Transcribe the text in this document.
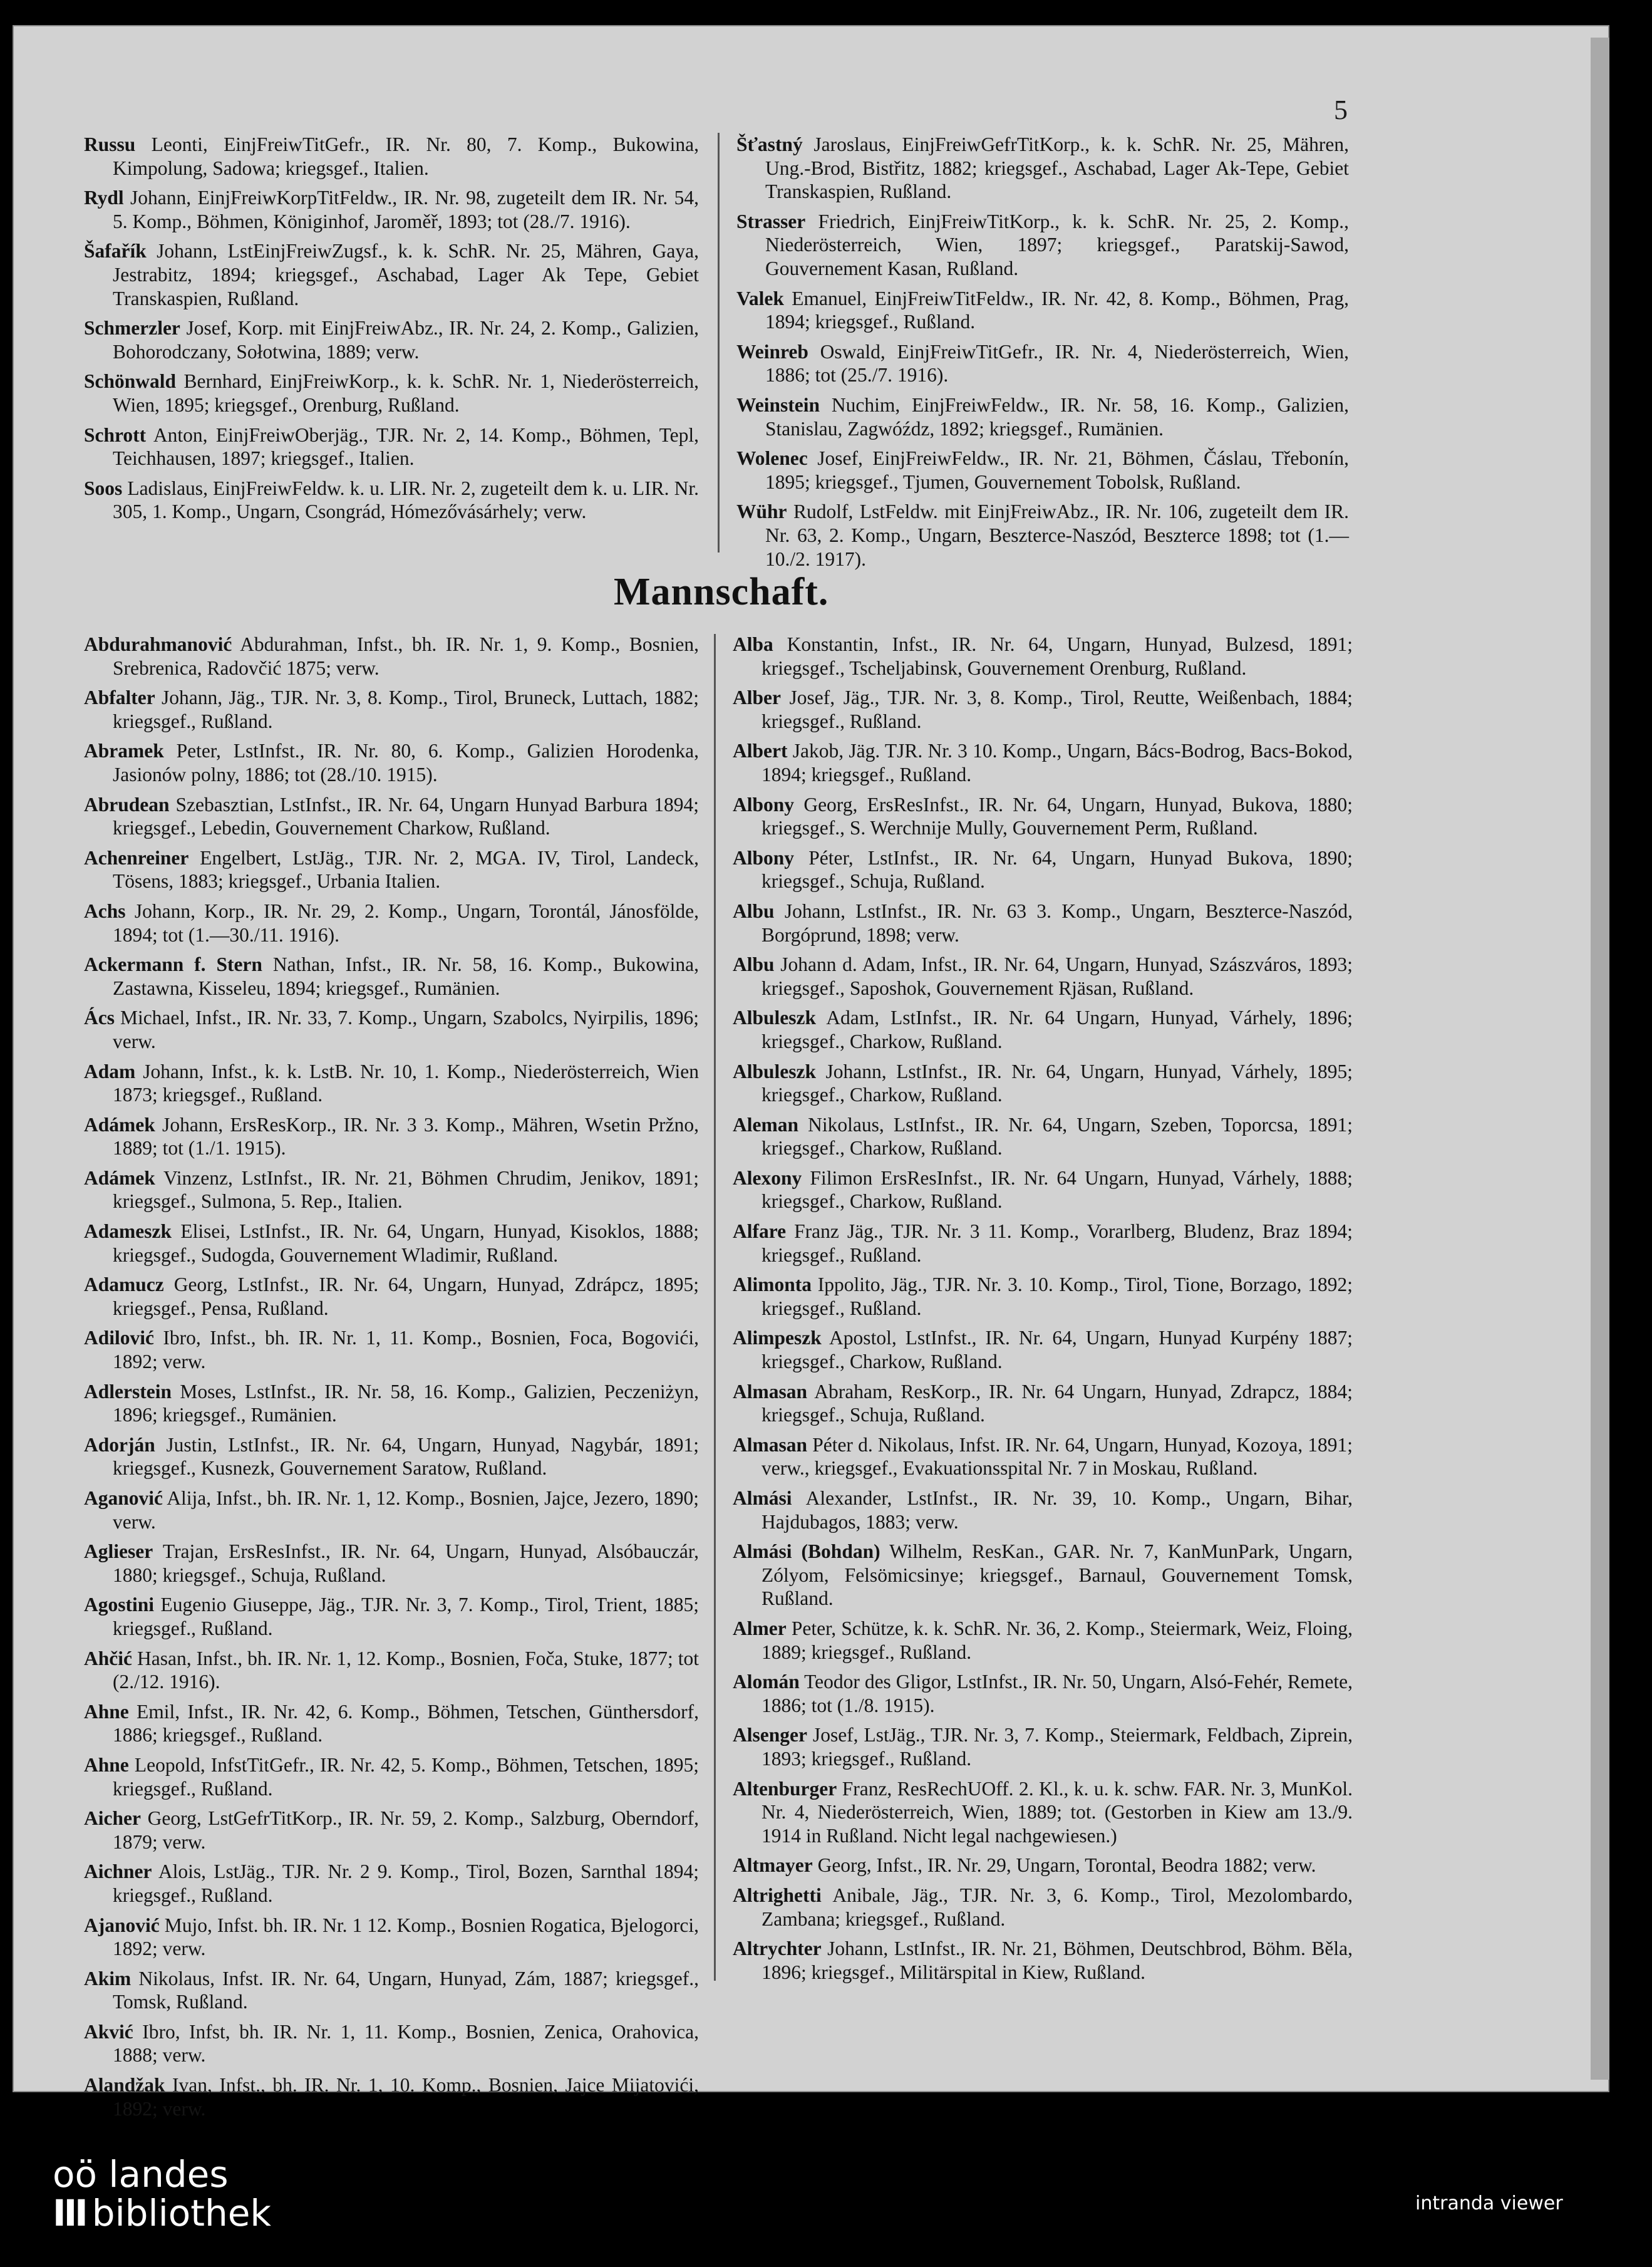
5

Russu Leonti, EinjFreiwTitGefr., IR. Nr. 80, 7. Komp., Bukowina, Kimpolung, Sadowa; kriegsgef., Italien.

Rydl Johann, EinjFreiwKorpTitFeldw., IR. Nr. 98, zugeteilt dem IR. Nr. 54, 5. Komp., Böhmen, Königinhof, Jaroměř, 1893; tot (28./7. 1916).

Šafařík Johann, LstEinjFreiwZugsf., k. k. SchR. Nr. 25, Mähren, Gaya, Jestrabitz, 1894; kriegsgef., Aschabad, Lager Ak Tepe, Gebiet Transkaspien, Rußland.

Schmerzler Josef, Korp. mit EinjFreiwAbz., IR. Nr. 24, 2. Komp., Galizien, Bohorodczany, Sołotwina, 1889; verw.

Schönwald Bernhard, EinjFreiwKorp., k. k. SchR. Nr. 1, Niederösterreich, Wien, 1895; kriegsgef., Orenburg, Rußland.

Schrott Anton, EinjFreiwOberjäg., TJR. Nr. 2, 14. Komp., Böhmen, Tepl, Teichhausen, 1897; kriegsgef., Italien.

Soos Ladislaus, EinjFreiwFeldw. k. u. LIR. Nr. 2, zugeteilt dem k. u. LIR. Nr. 305, 1. Komp., Ungarn, Csongrád, Hómezővásárhely; verw.

Šťastný Jaroslaus, EinjFreiwGefrTitKorp., k. k. SchR. Nr. 25, Mähren, Ung.-Brod, Bistřitz, 1882; kriegsgef., Aschabad, Lager Ak-Tepe, Gebiet Transkaspien, Rußland.

Strasser Friedrich, EinjFreiwTitKorp., k. k. SchR. Nr. 25, 2. Komp., Niederösterreich, Wien, 1897; kriegsgef., Paratskij-Sawod, Gouvernement Kasan, Rußland.

Valek Emanuel, EinjFreiwTitFeldw., IR. Nr. 42, 8. Komp., Böhmen, Prag, 1894; kriegsgef., Rußland.

Weinreb Oswald, EinjFreiwTitGefr., IR. Nr. 4, Niederösterreich, Wien, 1886; tot (25./7. 1916).

Weinstein Nuchim, EinjFreiwFeldw., IR. Nr. 58, 16. Komp., Galizien, Stanislau, Zagwóźdz, 1892; kriegsgef., Rumänien.

Wolenec Josef, EinjFreiwFeldw., IR. Nr. 21, Böhmen, Čáslau, Třebonín, 1895; kriegsgef., Tjumen, Gouvernement Tobolsk, Rußland.

Wühr Rudolf, LstFeldw. mit EinjFreiwAbz., IR. Nr. 106, zugeteilt dem IR. Nr. 63, 2. Komp., Ungarn, Beszterce-Naszód, Beszterce 1898; tot (1.—10./2. 1917).

Mannschaft.

Abdurahmanović Abdurahman, Infst., bh. IR. Nr. 1, 9. Komp., Bosnien, Srebrenica, Radovčić 1875; verw.

Abfalter Johann, Jäg., TJR. Nr. 3, 8. Komp., Tirol, Bruneck, Luttach, 1882; kriegsgef., Rußland.

Abramek Peter, LstInfst., IR. Nr. 80, 6. Komp., Galizien Horodenka, Jasionów polny, 1886; tot (28./10. 1915).

Abrudean Szebasztian, LstInfst., IR. Nr. 64, Ungarn Hunyad Barbura 1894; kriegsgef., Lebedin, Gouvernement Charkow, Rußland.

Achenreiner Engelbert, LstJäg., TJR. Nr. 2, MGA. IV, Tirol, Landeck, Tösens, 1883; kriegsgef., Urbania Italien.

Achs Johann, Korp., IR. Nr. 29, 2. Komp., Ungarn, Torontál, Jánosfölde, 1894; tot (1.—30./11. 1916).

Ackermann f. Stern Nathan, Infst., IR. Nr. 58, 16. Komp., Bukowina, Zastawna, Kisseleu, 1894; kriegsgef., Rumänien.

Ács Michael, Infst., IR. Nr. 33, 7. Komp., Ungarn, Szabolcs, Nyirpilis, 1896; verw.

Adam Johann, Infst., k. k. LstB. Nr. 10, 1. Komp., Niederösterreich, Wien 1873; kriegsgef., Rußland.

Adámek Johann, ErsResKorp., IR. Nr. 3 3. Komp., Mähren, Wsetin Pržno, 1889; tot (1./1. 1915).

Adámek Vinzenz, LstInfst., IR. Nr. 21, Böhmen Chrudim, Jenikov, 1891; kriegsgef., Sulmona, 5. Rep., Italien.

Adameszk Elisei, LstInfst., IR. Nr. 64, Ungarn, Hunyad, Kisoklos, 1888; kriegsgef., Sudogda, Gouvernement Wladimir, Rußland.

Adamucz Georg, LstInfst., IR. Nr. 64, Ungarn, Hunyad, Zdrápcz, 1895; kriegsgef., Pensa, Rußland.

Adilović Ibro, Infst., bh. IR. Nr. 1, 11. Komp., Bosnien, Foca, Bogovići, 1892; verw.

Adlerstein Moses, LstInfst., IR. Nr. 58, 16. Komp., Galizien, Peczeniżyn, 1896; kriegsgef., Rumänien.

Adorján Justin, LstInfst., IR. Nr. 64, Ungarn, Hunyad, Nagybár, 1891; kriegsgef., Kusnezk, Gouvernement Saratow, Rußland.

Aganović Alija, Infst., bh. IR. Nr. 1, 12. Komp., Bosnien, Jajce, Jezero, 1890; verw.

Aglieser Trajan, ErsResInfst., IR. Nr. 64, Ungarn, Hunyad, Alsóbauczár, 1880; kriegsgef., Schuja, Rußland.

Agostini Eugenio Giuseppe, Jäg., TJR. Nr. 3, 7. Komp., Tirol, Trient, 1885; kriegsgef., Rußland.

Ahčić Hasan, Infst., bh. IR. Nr. 1, 12. Komp., Bosnien, Foča, Stuke, 1877; tot (2./12. 1916).

Ahne Emil, Infst., IR. Nr. 42, 6. Komp., Böhmen, Tetschen, Günthersdorf, 1886; kriegsgef., Rußland.

Ahne Leopold, InfstTitGefr., IR. Nr. 42, 5. Komp., Böhmen, Tetschen, 1895; kriegsgef., Rußland.

Aicher Georg, LstGefrTitKorp., IR. Nr. 59, 2. Komp., Salzburg, Oberndorf, 1879; verw.

Aichner Alois, LstJäg., TJR. Nr. 2 9. Komp., Tirol, Bozen, Sarnthal 1894; kriegsgef., Rußland.

Ajanović Mujo, Infst. bh. IR. Nr. 1 12. Komp., Bosnien Rogatica, Bjelogorci, 1892; verw.

Akim Nikolaus, Infst. IR. Nr. 64, Ungarn, Hunyad, Zám, 1887; kriegsgef., Tomsk, Rußland.

Akvić Ibro, Infst, bh. IR. Nr. 1, 11. Komp., Bosnien, Zenica, Orahovica, 1888; verw.

Alandžak Ivan, Infst., bh. IR. Nr. 1, 10. Komp., Bosnien, Jajce Mijatovići, 1892; verw.

Alba Konstantin, Infst., IR. Nr. 64, Ungarn, Hunyad, Bulzesd, 1891; kriegsgef., Tscheljabinsk, Gouvernement Orenburg, Rußland.

Alber Josef, Jäg., TJR. Nr. 3, 8. Komp., Tirol, Reutte, Weißenbach, 1884; kriegsgef., Rußland.

Albert Jakob, Jäg. TJR. Nr. 3 10. Komp., Ungarn, Bács-Bodrog, Bacs-Bokod, 1894; kriegsgef., Rußland.

Albony Georg, ErsResInfst., IR. Nr. 64, Ungarn, Hunyad, Bukova, 1880; kriegsgef., S. Werchnije Mully, Gouvernement Perm, Rußland.

Albony Péter, LstInfst., IR. Nr. 64, Ungarn, Hunyad Bukova, 1890; kriegsgef., Schuja, Rußland.

Albu Johann, LstInfst., IR. Nr. 63 3. Komp., Ungarn, Beszterce-Naszód, Borgóprund, 1898; verw.

Albu Johann d. Adam, Infst., IR. Nr. 64, Ungarn, Hunyad, Szászváros, 1893; kriegsgef., Saposhok, Gouvernement Rjäsan, Rußland.

Albuleszk Adam, LstInfst., IR. Nr. 64 Ungarn, Hunyad, Várhely, 1896; kriegsgef., Charkow, Rußland.

Albuleszk Johann, LstInfst., IR. Nr. 64, Ungarn, Hunyad, Várhely, 1895; kriegsgef., Charkow, Rußland.

Aleman Nikolaus, LstInfst., IR. Nr. 64, Ungarn, Szeben, Toporcsa, 1891; kriegsgef., Charkow, Rußland.

Alexony Filimon ErsResInfst., IR. Nr. 64 Ungarn, Hunyad, Várhely, 1888; kriegsgef., Charkow, Rußland.

Alfare Franz Jäg., TJR. Nr. 3 11. Komp., Vorarlberg, Bludenz, Braz 1894; kriegsgef., Rußland.

Alimonta Ippolito, Jäg., TJR. Nr. 3. 10. Komp., Tirol, Tione, Borzago, 1892; kriegsgef., Rußland.

Alimpeszk Apostol, LstInfst., IR. Nr. 64, Ungarn, Hunyad Kurpény 1887; kriegsgef., Charkow, Rußland.

Almasan Abraham, ResKorp., IR. Nr. 64 Ungarn, Hunyad, Zdrapcz, 1884; kriegsgef., Schuja, Rußland.

Almasan Péter d. Nikolaus, Infst. IR. Nr. 64, Ungarn, Hunyad, Kozoya, 1891; verw., kriegsgef., Evakuationsspital Nr. 7 in Moskau, Rußland.

Almási Alexander, LstInfst., IR. Nr. 39, 10. Komp., Ungarn, Bihar, Hajdubagos, 1883; verw.

Almási (Bohdan) Wilhelm, ResKan., GAR. Nr. 7, KanMunPark, Ungarn, Zólyom, Felsömicsinye; kriegsgef., Barnaul, Gouvernement Tomsk, Rußland.

Almer Peter, Schütze, k. k. SchR. Nr. 36, 2. Komp., Steiermark, Weiz, Floing, 1889; kriegsgef., Rußland.

Alomán Teodor des Gligor, LstInfst., IR. Nr. 50, Ungarn, Alsó-Fehér, Remete, 1886; tot (1./8. 1915).

Alsenger Josef, LstJäg., TJR. Nr. 3, 7. Komp., Steiermark, Feldbach, Ziprein, 1893; kriegsgef., Rußland.

Altenburger Franz, ResRechUOff. 2. Kl., k. u. k. schw. FAR. Nr. 3, MunKol. Nr. 4, Niederösterreich, Wien, 1889; tot. (Gestorben in Kiew am 13./9. 1914 in Rußland. Nicht legal nachgewiesen.)

Altmayer Georg, Infst., IR. Nr. 29, Ungarn, Torontal, Beodra 1882; verw.

Altrighetti Anibale, Jäg., TJR. Nr. 3, 6. Komp., Tirol, Mezolombardo, Zambana; kriegsgef., Rußland.

Altrychter Johann, LstInfst., IR. Nr. 21, Böhmen, Deutschbrod, Böhm. Běla, 1896; kriegsgef., Militärspital in Kiew, Rußland.

oö landes
III bibliothek	intranda viewer
